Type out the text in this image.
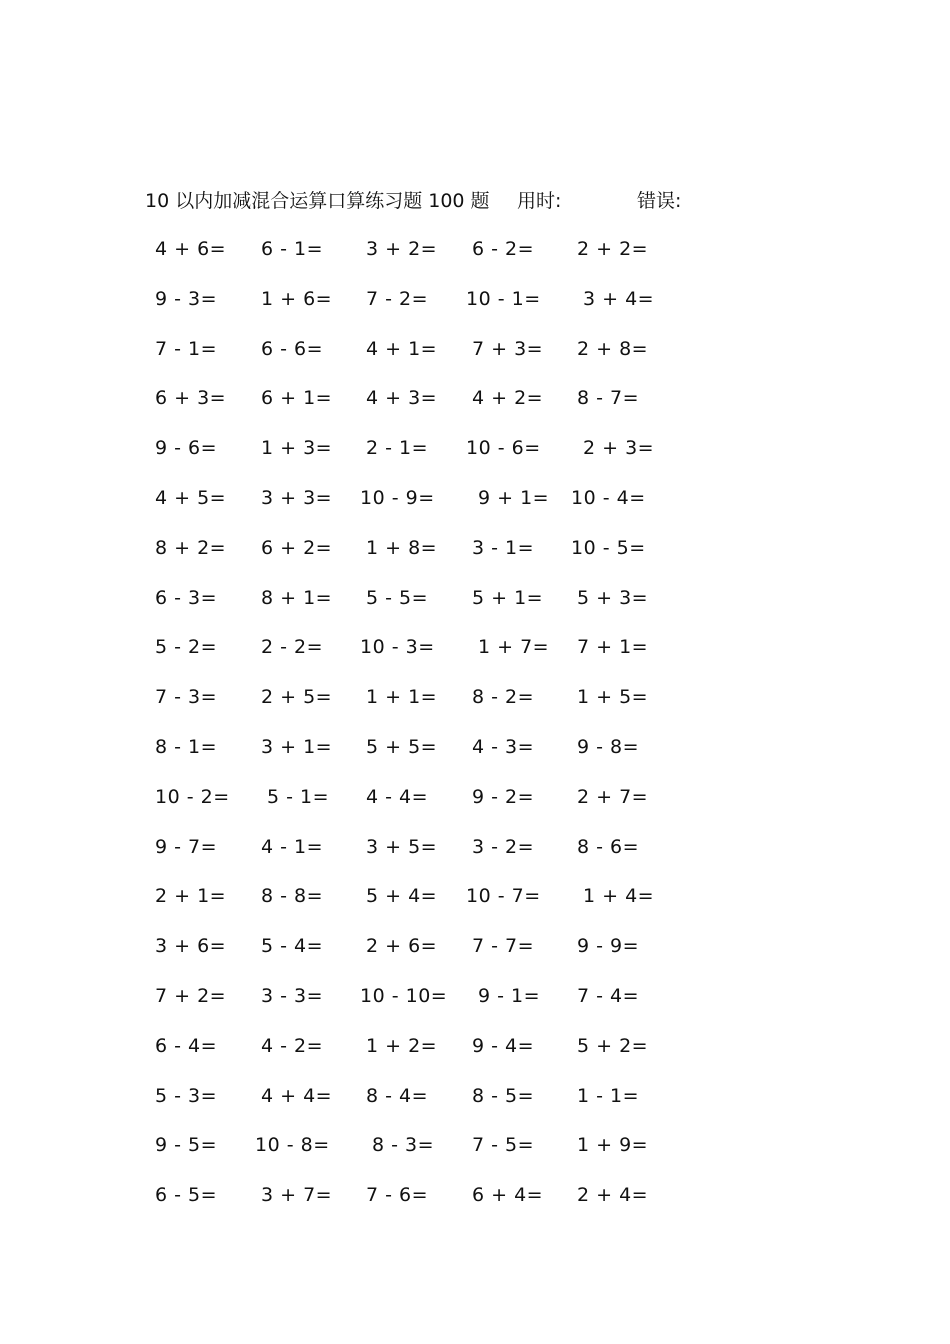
10 以内加减混合运算口算练习题 100 题 用时:	错误:
4 + 6= 6 - 1= 3 + 2= 6 - 2= 2 + 2=
9 - 3= 1 + 6= 7 - 2= 10 - 1= 3 + 4=
7 - 1= 6 - 6= 4 + 1= 7 + 3= 2 + 8=
6 + 3= 6 + 1= 4 + 3= 4 + 2= 8 - 7=
9 - 6= 1 + 3= 2 - 1= 10 - 6= 2 + 3=
4 + 5= 3 + 3= 10 - 9= 9 + 1= 10 - 4=
8 + 2= 6 + 2= 1 + 8= 3 - 1= 10 - 5=
6 - 3= 8 + 1= 5 - 5= 5 + 1= 5 + 3=
5 - 2= 2 - 2= 10 - 3= 1 + 7= 7 + 1=
7 - 3= 2 + 5= 1 + 1= 8 - 2= 1 + 5=
8 - 1= 3 + 1= 5 + 5= 4 - 3= 9 - 8=
10 - 2= 5 - 1= 4 - 4= 9 - 2= 2 + 7=
9 - 7= 4 - 1= 3 + 5= 3 - 2= 8 - 6=
2 + 1= 8 - 8= 5 + 4= 10 - 7= 1 + 4=
3 + 6= 5 - 4= 2 + 6= 7 - 7= 9 - 9=
7 + 2= 3 - 3= 10 - 10= 9 - 1= 7 - 4=
6 - 4= 4 - 2= 1 + 2= 9 - 4= 5 + 2=
5 - 3= 4 + 4= 8 - 4= 8 - 5= 1 - 1=
9 - 5= 10 - 8= 8 - 3= 7 - 5= 1 + 9=
6 - 5= 3 + 7= 7 - 6= 6 + 4= 2 + 4=
